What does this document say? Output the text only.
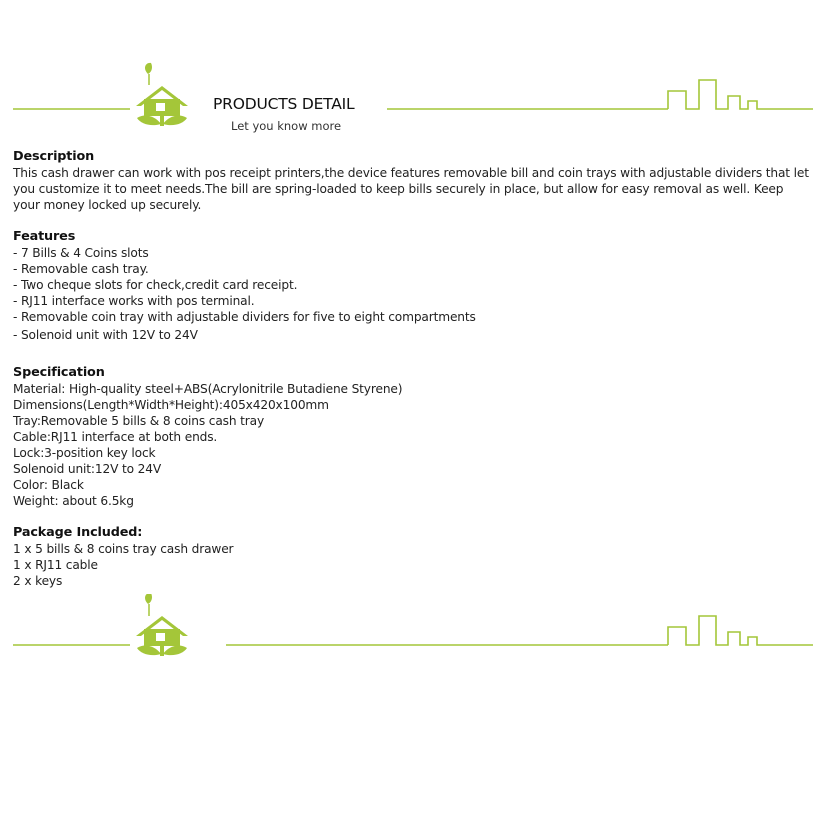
PRODUCTS DETAIL
Let you know more
Description
This cash drawer can work with pos receipt printers,the device features removable bill and coin trays with adjustable dividers that let you customize it to meet needs.The bill are spring-loaded to keep bills securely in place, but allow for easy removal as well. Keep your money locked up securely.
Features
- 7 Bills & 4 Coins slots
- Removable cash tray.
- Two cheque slots for check,credit card receipt.
- RJ11 interface works with pos terminal.
- Removable coin tray with adjustable dividers for five to eight compartments
- Solenoid unit with 12V to 24V
Specification
Material: High-quality steel+ABS(Acrylonitrile Butadiene Styrene)
Dimensions(Length*Width*Height):405x420x100mm
Tray:Removable 5 bills & 8 coins cash tray
Cable:RJ11 interface at both ends.
Lock:3-position key lock
Solenoid unit:12V to 24V
Color: Black
Weight: about 6.5kg
Package Included:
1 x 5 bills & 8 coins tray cash drawer
1 x RJ11 cable
2 x keys
